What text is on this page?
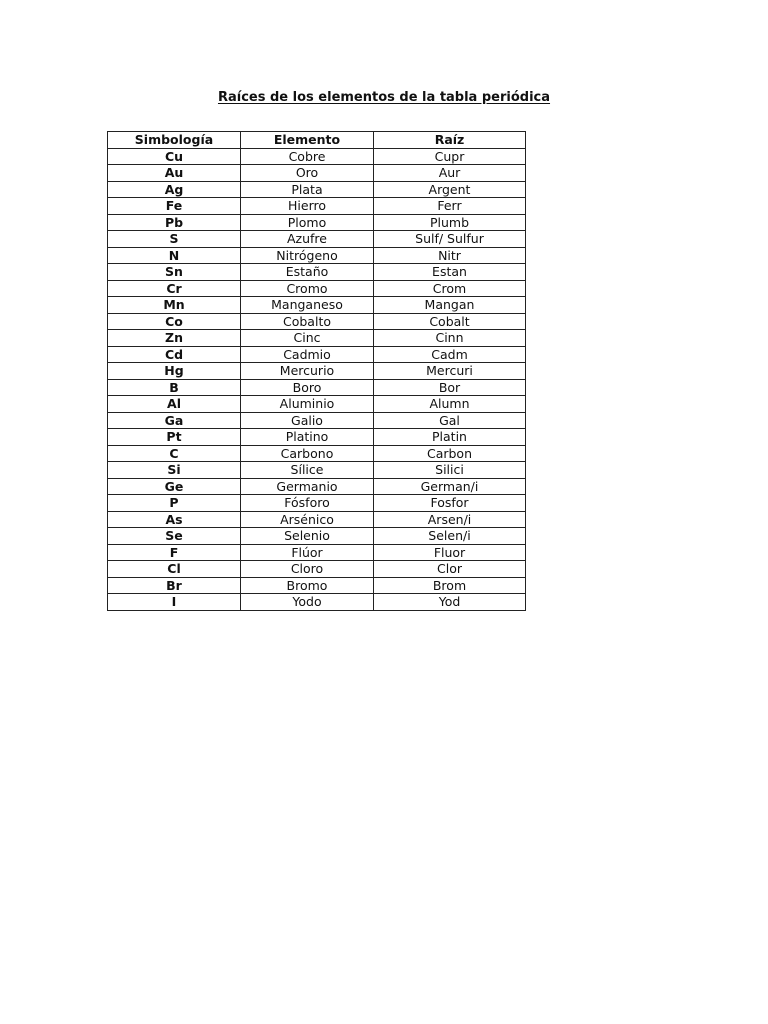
Raíces de los elementos de la tabla periódica
Simbología	Elemento	Raíz
Cu	Cobre	Cupr
Au	Oro	Aur
Ag	Plata	Argent
Fe	Hierro	Ferr
Pb	Plomo	Plumb
S	Azufre	Sulf/ Sulfur
N	Nitrógeno	Nitr
Sn	Estaño	Estan
Cr	Cromo	Crom
Mn	Manganeso	Mangan
Co	Cobalto	Cobalt
Zn	Cinc	Cinn
Cd	Cadmio	Cadm
Hg	Mercurio	Mercuri
B	Boro	Bor
Al	Aluminio	Alumn
Ga	Galio	Gal
Pt	Platino	Platin
C	Carbono	Carbon
Si	Sílice	Silici
Ge	Germanio	German/i
P	Fósforo	Fosfor
As	Arsénico	Arsen/i
Se	Selenio	Selen/i
F	Flúor	Fluor
Cl	Cloro	Clor
Br	Bromo	Brom
I	Yodo	Yod
